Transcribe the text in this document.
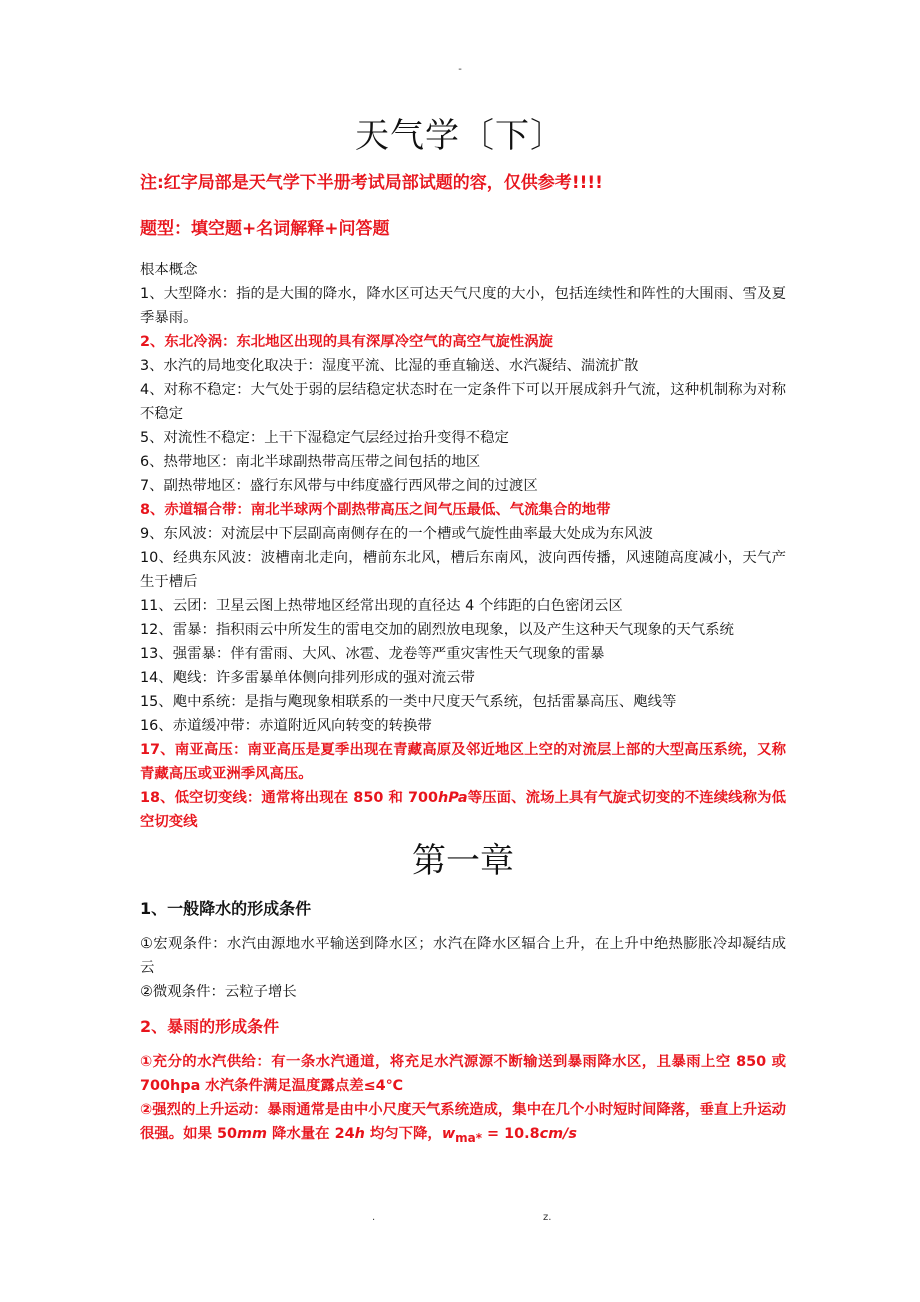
-
天气学〔下〕
注:红字局部是天气学下半册考试局部试题的容，仅供参考!!!!
题型：填空题+名词解释+问答题

根本概念

1、大型降水：指的是大围的降水，降水区可达天气尺度的大小，包括连续性和阵性的大围雨、雪及夏季暴雨。

2、东北冷涡：东北地区出现的具有深厚冷空气的高空气旋性涡旋

3、水汽的局地变化取决于：湿度平流、比湿的垂直输送、水汽凝结、湍流扩散

4、对称不稳定：大气处于弱的层结稳定状态时在一定条件下可以开展成斜升气流，这种机制称为对称不稳定

5、对流性不稳定：上干下湿稳定气层经过抬升变得不稳定

6、热带地区：南北半球副热带高压带之间包括的地区

7、副热带地区：盛行东风带与中纬度盛行西风带之间的过渡区

8、赤道辐合带：南北半球两个副热带高压之间气压最低、气流集合的地带

9、东风波：对流层中下层副高南侧存在的一个槽或气旋性曲率最大处成为东风波

10、经典东风波：波槽南北走向，槽前东北风，槽后东南风，波向西传播，风速随高度减小，天气产生于槽后

11、云团：卫星云图上热带地区经常出现的直径达 4 个纬距的白色密闭云区

12、雷暴：指积雨云中所发生的雷电交加的剧烈放电现象，以及产生这种天气现象的天气系统

13、强雷暴：伴有雷雨、大风、冰雹、龙卷等严重灾害性天气现象的雷暴

14、飑线：许多雷暴单体侧向排列形成的强对流云带

15、飑中系统：是指与飑现象相联系的一类中尺度天气系统，包括雷暴高压、飑线等

16、赤道缓冲带：赤道附近风向转变的转换带

17、南亚高压：南亚高压是夏季出现在青藏高原及邻近地区上空的对流层上部的大型高压系统，又称青藏高压或亚洲季风高压。

18、低空切变线：通常将出现在 850 和 700hPa等压面、流场上具有气旋式切变的不连续线称为低空切变线

第一章
1、一般降水的形成条件

①宏观条件：水汽由源地水平输送到降水区；水汽在降水区辐合上升，在上升中绝热膨胀冷却凝结成云

②微观条件：云粒子增长

2、暴雨的形成条件

①充分的水汽供给：有一条水汽通道，将充足水汽源源不断输送到暴雨降水区，且暴雨上空 850 或 700hpa 水汽条件满足温度露点差≤4℃

②强烈的上升运动：暴雨通常是由中小尺度天气系统造成，集中在几个小时短时间降落，垂直上升运动很强。如果 50mm 降水量在 24h 均匀下降，$w_{ma*} = 10.8cm/s$

.	z.
